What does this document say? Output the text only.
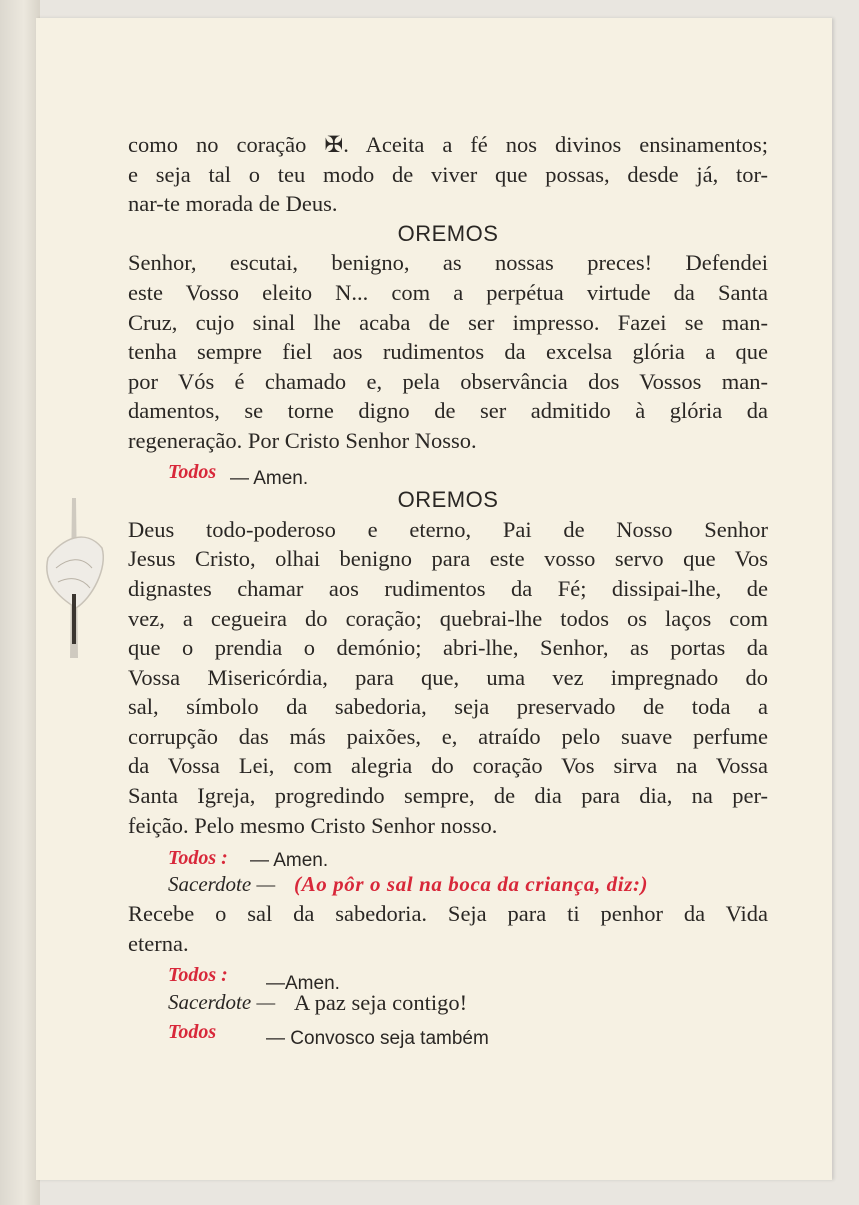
como no coração ✠. Aceita a fé nos divinos ensinamentos;
e seja tal o teu modo de viver que possas, desde já, tor-
nar-te morada de Deus.
OREMOS
Senhor, escutai, benigno, as nossas preces! Defendei
este Vosso eleito N... com a perpétua virtude da Santa
Cruz, cujo sinal lhe acaba de ser impresso. Fazei se man-
tenha sempre fiel aos rudimentos da excelsa glória a que
por Vós é chamado e, pela observância dos Vossos man-
damentos, se torne digno de ser admitido à glória da
regeneração. Por Cristo Senhor Nosso.
Todos — Amen.
OREMOS
Deus todo-poderoso e eterno, Pai de Nosso Senhor
Jesus Cristo, olhai benigno para este vosso servo que Vos
dignastes chamar aos rudimentos da Fé; dissipai-lhe, de
vez, a cegueira do coração; quebrai-lhe todos os laços com
que o prendia o demónio; abri-lhe, Senhor, as portas da
Vossa Misericórdia, para que, uma vez impregnado do
sal, símbolo da sabedoria, seja preservado de toda a
corrupção das más paixões, e, atraído pelo suave perfume
da Vossa Lei, com alegria do coração Vos sirva na Vossa
Santa Igreja, progredindo sempre, de dia para dia, na per-
feição. Pelo mesmo Cristo Senhor nosso.
Todos : — Amen.
Sacerdote — (Ao pôr o sal na boca da criança, diz:)
Recebe o sal da sabedoria. Seja para ti penhor da Vida
eterna.
Todos : —Amen.
Sacerdote — A paz seja contigo!
Todos	— Convosco seja também
